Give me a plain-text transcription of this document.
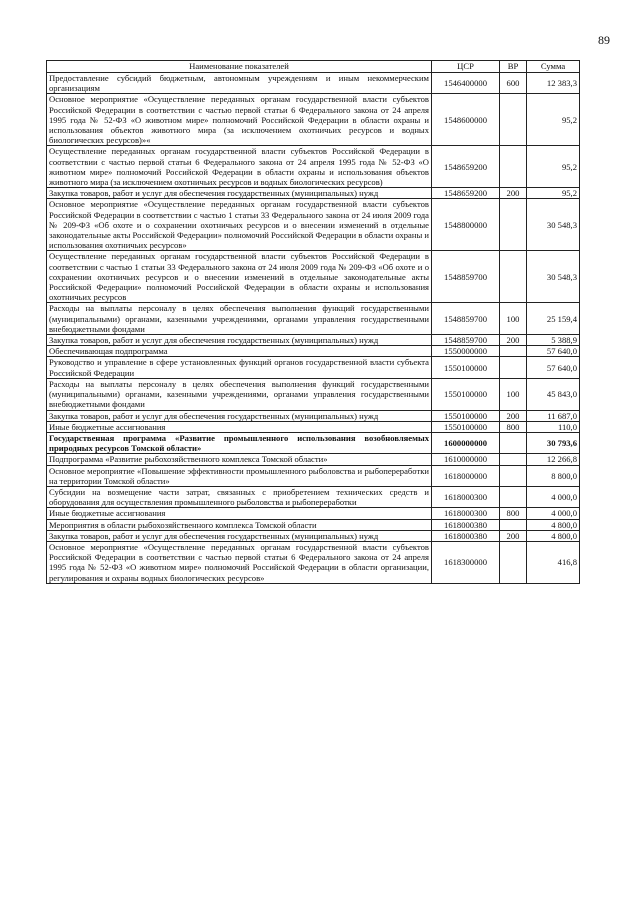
89
Наименование показателей	ЦСР	ВР	Сумма
Предоставление субсидий бюджетным, автономным учреждениям и иным некоммерческим организациям	1546400000	600	12 383,3
Основное мероприятие «Осуществление переданных органам государственной власти субъектов Российской Федерации в соответствии с частью первой статьи 6 Федерального закона от 24 апреля 1995 года № 52-ФЗ «О животном мире» полномочий Российской Федерации в области охраны и использования объектов животного мира (за исключением охотничьих ресурсов и водных биологических ресурсов)»«	1548600000		95,2
Осуществление переданных органам государственной власти субъектов Российской Федерации в соответствии с частью первой статьи 6 Федерального закона от 24 апреля 1995 года № 52-ФЗ «О животном мире» полномочий Российской Федерации в области охраны и использования объектов животного мира (за исключением охотничьих ресурсов и водных биологических ресурсов)	1548659200		95,2
Закупка товаров, работ и услуг для обеспечения государственных (муниципальных) нужд	1548659200	200	95,2
Основное мероприятие «Осуществление переданных органам государственной власти субъектов Российской Федерации в соответствии с частью 1 статьи 33 Федерального закона от 24 июля 2009 года № 209-ФЗ «Об охоте и о сохранении охотничьих ресурсов и о внесении изменений в отдельные законодательные акты Российской Федерации» полномочий Российской Федерации в области охраны и использования охотничьих ресурсов»	1548800000		30 548,3
Осуществление переданных органам государственной власти субъектов Российской Федерации в соответствии с частью 1 статьи 33 Федерального закона от 24 июля 2009 года № 209-ФЗ «Об охоте и о сохранении охотничьих ресурсов и о внесении изменений в отдельные законодательные акты Российской Федерации» полномочий Российской Федерации в области охраны и использования охотничьих ресурсов	1548859700		30 548,3
Расходы на выплаты персоналу в целях обеспечения выполнения функций государственными (муниципальными) органами, казенными учреждениями, органами управления государственными внебюджетными фондами	1548859700	100	25 159,4
Закупка товаров, работ и услуг для обеспечения государственных (муниципальных) нужд	1548859700	200	5 388,9
Обеспечивающая подпрограмма	1550000000		57 640,0
Руководство и управление в сфере установленных функций органов государственной власти субъекта Российской Федерации	1550100000		57 640,0
Расходы на выплаты персоналу в целях обеспечения выполнения функций государственными (муниципальными) органами, казенными учреждениями, органами управления государственными внебюджетными фондами	1550100000	100	45 843,0
Закупка товаров, работ и услуг для обеспечения государственных (муниципальных) нужд	1550100000	200	11 687,0
Иные бюджетные ассигнования	1550100000	800	110,0
Государственная программа «Развитие промышленного использования возобновляемых природных ресурсов Томской области»	1600000000		30 793,6
Подпрограмма «Развитие рыбохозяйственного комплекса Томской области»	1610000000		12 266,8
Основное мероприятие «Повышение эффективности промышленного рыболовства и рыбопереработки на территории Томской области»	1618000000		8 800,0
Субсидии на возмещение части затрат, связанных с приобретением технических средств и оборудования для осуществления промышленного рыболовства и рыбопереработки	1618000300		4 000,0
Иные бюджетные ассигнования	1618000300	800	4 000,0
Мероприятия в области рыбохозяйственного комплекса Томской области	1618000380		4 800,0
Закупка товаров, работ и услуг для обеспечения государственных (муниципальных) нужд	1618000380	200	4 800,0
Основное мероприятие «Осуществление переданных органам государственной власти субъектов Российской Федерации в соответствии с частью первой статьи 6 Федерального закона от 24 апреля 1995 года № 52-ФЗ «О животном мире» полномочий Российской Федерации в области организации, регулирования и охраны водных биологических ресурсов»	1618300000		416,8
